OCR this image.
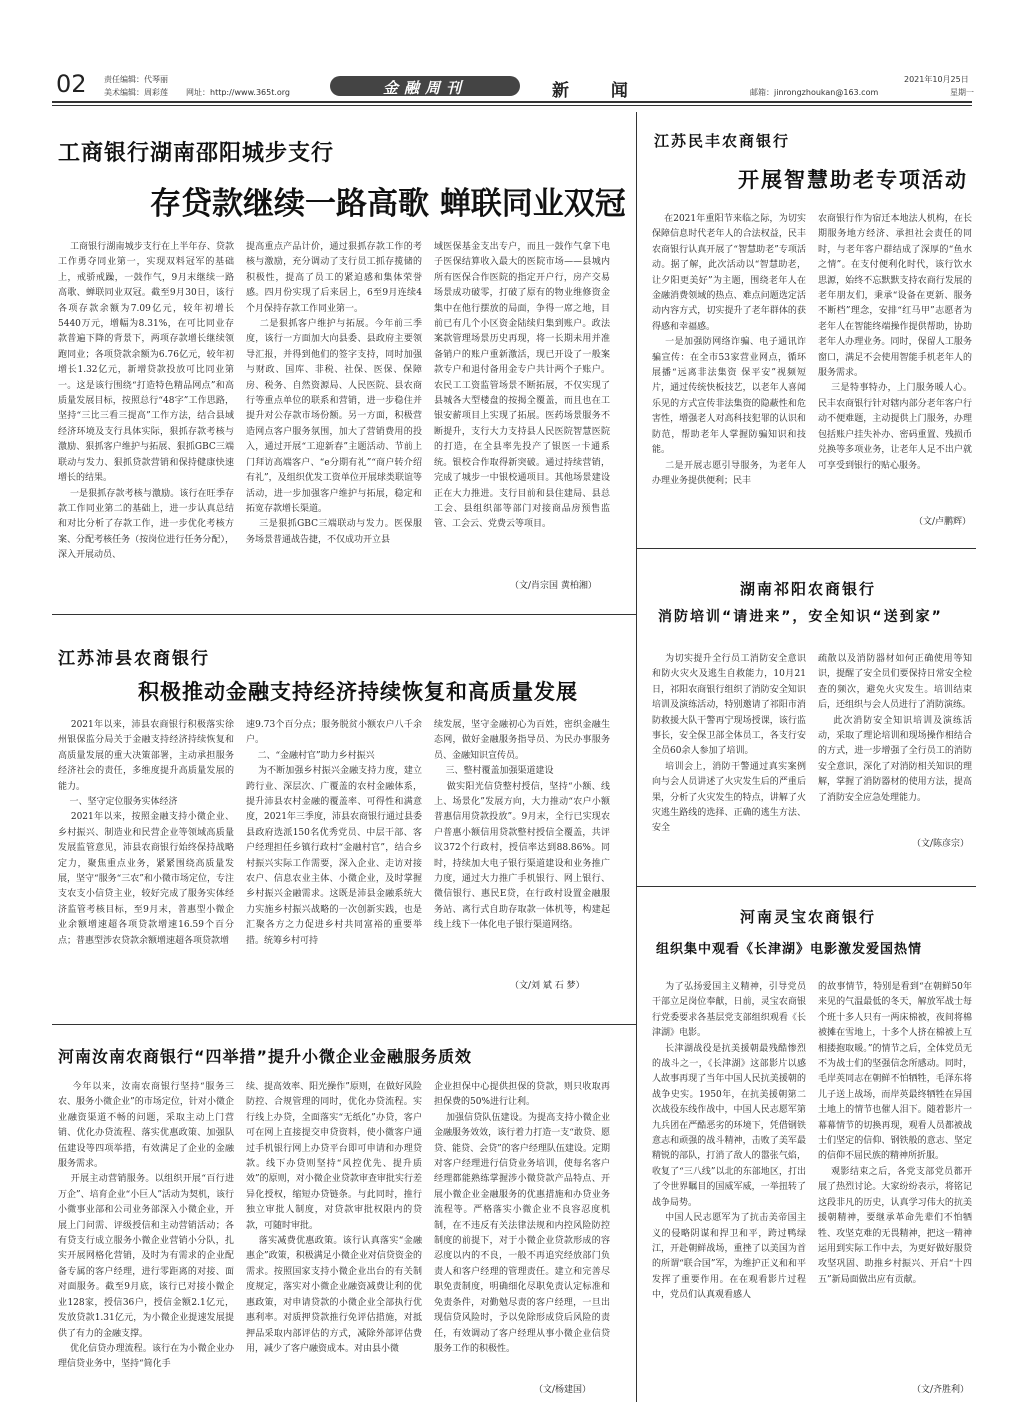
02 责任编辑：代琴丽
美术编辑：周彩莲 网址：http://www.365t.org	金融周刊	新  闻	邮箱：jinrongzhoukan@163.com
2021年10月25日
星期一
工商银行湖南邵阳城步支行
存贷款继续一路高歌 蝉联同业双冠
工商银行湖南城步支行在上半年存、贷款工作勇夺同业第一，实现双料冠军的基础上，戒骄戒躁，一鼓作气，9月末继续一路高歌、蝉联同业双冠。截至9月30日，该行各项存款余额为7.09亿元，较年初增长5440万元，增幅为8.31%，在可比同业存款普遍下降的背景下，两项存款增长继续领跑同业；各项贷款余额为6.76亿元，较年初增长1.32亿元，新增贷款投放可比同业第一。这是该行围绕“打造特色精品网点”和高质量发展目标，按照总行“48字”工作思路，坚持“三比三看三提高”工作方法，结合县域经济环境及支行具体实际，狠抓存款考核与激励、狠抓客户维护与拓展、狠抓GBC三端联动与发力、狠抓贷款营销和保持健康快速增长的结果。
一是狠抓存款考核与激励。该行在旺季存款工作同业第二的基础上，进一步认真总结和对比分析了存款工作，进一步优化考核方案、分配考核任务（按岗位进行任务分配），深入开展动员、
提高重点产品计价，通过狠抓存款工作的考核与激励，充分调动了支行员工抓存揽储的积极性，提高了员工的紧迫感和集体荣誉感。四月份实现了后来居上，6至9月连续4个月保持存款工作同业第一。
二是狠抓客户维护与拓展。今年前三季度，该行一方面加大向县委、县政府主要领导汇报，并得到他们的签字支持，同时加强与财政、国库、非税、社保、医保、保障房、税务、自然资源局、人民医院、县农商行等重点单位的联系和营销，进一步稳住并提升对公存款市场份额。另一方面，积极营造网点客户服务氛围，加大了营销费用的投入，通过开展“工迎新春”主题活动、节前上门拜访高端客户、“e分期有礼”“商户转介绍有礼”，及组织优发工资单位开展球类联谊等活动，进一步加强客户维护与拓展，稳定和拓宽存款增长渠道。
三是狠抓GBC三端联动与发力。医保服务场景普通战告捷，不仅成功开立县
域医保基金支出专户，而且一鼓作气拿下电子医保结算收入最大的医院市场——县城内所有医保合作医院的指定开户行，房产交易场景成功破零，打破了原有的物业维修资金集中在他行摆放的局面，争得一席之地，目前已有几个小区资金陆续归集到账户。政法案款管理场景历史再现，将一长期未用并准备销户的账户重新激活，现已开设了一般案款专户和退付备用金专户共计两个子账户。农民工工资监管场景不断拓展，不仅实现了县城各大型楼盘的按揭全覆盖，而且也在工银安薪项目上实现了拓展。医药场景服务不断提升，支行大力支持县人民医院智慧医院的打造，在全县率先投产了银医一卡通系统。银校合作取得新突破。通过持续营销，完成了城步一中银校通项目。其他场景建设正在大力推进。支行目前和县住建局、县总工会、县组织部等部门对接商品房预售监管、工会云、党费云等项目。
（文/肖宗国 黄柏湘）
江苏民丰农商银行
开展智慧助老专项活动
在2021年重阳节来临之际，为切实保障信息时代老年人的合法权益，民丰农商银行认真开展了“智慧助老”专项活动。据了解，此次活动以“智慧助老，让夕阳更美好”为主题，围绕老年人在金融消费领域的热点、难点问题选定活动内容方式，切实提升了老年群体的获得感和幸福感。
一是加强防网络诈骗、电子通讯诈骗宣传：在全市53家营业网点，循环展播“远离非法集资 保平安”视频短片，通过传统快板技艺，以老年人喜闻乐见的方式宣传非法集资的隐蔽性和危害性，增强老人对高科技犯罪的认识和防范，帮助老年人掌握防骗知识和技能。
二是开展志愿引导服务，为老年人办理业务提供便利；民丰
农商银行作为宿迁本地法人机构，在长期服务地方经济、承担社会责任的同时，与老年客户群结成了深厚的“鱼水之情”。在支付便利化时代，该行饮水思源，始终不忘默默支持农商行发展的老年朋友们，秉承“设备在更新、服务不断档”理念，安排“红马甲”志愿者为老年人在智能终端操作提供帮助，协助老年人办理业务。同时，保留人工服务窗口，满足不会使用智能手机老年人的服务需求。
三是特事特办，上门服务暖人心。民丰农商银行针对辖内部分老年客户行动不便难题，主动提供上门服务，办理包括账户挂失补办、密码重置、残损币兑换等多项业务，让老年人足不出户就可享受到银行的贴心服务。
（文/卢鹏辉）
江苏沛县农商银行
积极推动金融支持经济持续恢复和高质量发展
2021年以来，沛县农商银行积极落实徐州银保监分局关于金融支持经济持续恢复和高质量发展的重大决策部署，主动承担服务经济社会的责任，多维度提升高质量发展的能力。
一、坚守定位服务实体经济
2021年以来，按照金融支持小微企业、乡村振兴、制造业和民营企业等领域高质量发展监管意见，沛县农商银行始终保持战略定力，聚焦重点业务，紧紧围绕高质量发展，坚守“服务“三农”和小微市场定位，专注支农支小信贷主业，较好完成了服务实体经济监管考核目标，至9月末，普惠型小微企业余额增速超各项贷款增速16.59个百分点；普惠型涉农贷款余额增速超各项贷款增
速9.73个百分点；服务脱贫小额农户八千余户。
二、“金融村官”助力乡村振兴
为不断加强乡村振兴金融支持力度，建立跨行业、深层次、广覆盖的农村金融体系，提升沛县农村金融的覆盖率、可得性和满意度，2021年三季度，沛县农商银行通过县委县政府选派150名优秀党员、中层干部、客户经理担任乡镇行政村“金融村官”，结合乡村振兴实际工作需要，深入企业、走访对接农户、信息农业主体、小微企业，及时掌握乡村振兴金融需求。这既是沛县金融系统大力实施乡村振兴战略的一次创新实践，也是汇聚各方之力促进乡村共同富裕的重要举措。统筹乡村可持
续发展，坚守金融初心为百姓，密织金融生态网，做好金融服务指导员、为民办事服务员、金融知识宣传员。
三、整村覆盖加强渠道建设
做实阳光信贷整村授信，坚持“小额、线上、场景化”发展方向，大力推动“农户小额普惠信用贷款投放”。9月末，全行已实现农户普惠小额信用贷款整村授信全覆盖，共评议372个行政村，授信率达到88.86%。同时，持续加大电子银行渠道建设和业务推广力度，通过大力推广手机银行、网上银行、微信银行、惠民E贷，在行政村设置金融服务站、离行式自助存取款一体机等，构建起线上线下一体化电子银行渠道网络。
（文/刘 斌 石 梦）
湖南祁阳农商银行
消防培训“请进来”，安全知识“送到家”
为切实提升全行员工消防安全意识和防火灾火及逃生自救能力，10月21日，祁阳农商银行组织了消防安全知识培训及演练活动，特别邀请了祁阳市消防救援大队干警再宁现场授课，该行监事长，安全保卫部全体员工，各支行安全员60余人参加了培训。
培训会上，消防干警通过真实案例向与会人员讲述了火灾发生后的严重后果，分析了火灾发生的特点，讲解了火灾逃生路线的选择、正确的逃生方法、安全
疏散以及消防器材如何正确使用等知识，提醒了安全员们要保持日常安全检查的频次，避免火灾发生。培训结束后，还组织与会人员进行了消防演练。
此次消防安全知识培训及演练活动，采取了理论培训和现场操作相结合的方式，进一步增强了全行员工的消防安全意识，深化了对消防相关知识的理解，掌握了消防器材的使用方法，提高了消防安全应急处理能力。
（文/陈彦宗）
河南灵宝农商银行
组织集中观看《长津湖》电影激发爱国热情
为了弘扬爱国主义精神，引导党员干部立足岗位奉献，日前，灵宝农商银行党委要求各基层党支部组织观看《长津湖》电影。
长津湖战役是抗美援朝最残酷惨烈的战斗之一，《长津湖》这部影片以感人故事再现了当年中国人民抗美援朝的战争史实。1950年，在抗美援朝第二次战役东线作战中，中国人民志愿军第九兵团在严酷恶劣的环境下，凭借钢铁意志和顽强的战斗精神，击败了美军最精锐的部队，打消了敌人的嚣张气焰，收复了“三八线”以北的东部地区，打出了令世界瞩目的国威军威，一举扭转了战争局势。
中国人民志愿军为了抗击美帝国主义的侵略阴谋和捍卫和平，跨过鸭绿江，开赴朝鲜战场，重挫了以美国为首的所谓“联合国”军，为维护正义和和平发挥了重要作用。在在观看影片过程中，党员们认真观看感人
的故事情节，特别是看到“在朝鲜50年来见的气温最低的冬天，解放军战士每个班十多人只有一两床棉被，夜间将棉被摊在雪地上，十多个人挤在棉被上互相搂抱取暖。”的情节之后，全体党员无不为战士们的坚强信念所感动。同时，毛岸英同志在朝鲜不怕牺牲，毛泽东将儿子送上战场，而岸英最终牺牲在异国土地上的情节也催人泪下。随着影片一幕幕情节的切换再现，观看人员都被战士们坚定的信仰、钢铁般的意志、坚定的信仰不屈民族的精神所折服。
观影结束之后，各党支部党员都开展了热烈讨论。大家纷纷表示，将铭记这段非凡的历史，认真学习伟大的抗美援朝精神，要继承革命先辈们不怕牺牲、攻坚克难的无畏精神，把这一精神运用到实际工作中去，为更好做好服贷攻坚巩固、助推乡村振兴、开启“十四五”新局面做出应有贡献。
（文/齐胜利）
河南汝南农商银行“四举措”提升小微企业金融服务质效
今年以来，汝南农商银行坚持“服务三农、服务小微企业”的市场定位，针对小微企业融资渠道不畅的问题，采取主动上门营销、优化办贷流程、落实优惠政策、加强队伍建设等四项举措，有效满足了企业的金融服务需求。
开展主动营销服务。以组织开展“百行进万企”、培育企业“小巨人”活动为契机，该行小微事业部和公司业务部深入小微企业，开展上门问需、评级授信和主动营销活动；各有贷支行成立服务小微企业营销小分队，扎实开展网格化营销，及时为有需求的企业配备专属的客户经理，进行零距离的对接、面对面服务。截至9月底，该行已对接小微企业128家，授信36户，授信金额2.1亿元，发放贷款1.31亿元，为小微企业提速发展提供了有力的金融支撑。
优化信贷办理流程。该行在为小微企业办理信贷业务中，坚持“简化手
续、提高效率、阳光操作”原则，在做好风险防控、合规管理的同时，优化办贷流程。实行线上办贷，全面落实“无纸化”办贷，客户可在网上直接提交申贷资料，使小微客户通过手机银行网上办贷平台即可申请和办理贷款。线下办贷则坚持“风控优先、提升质效”的原则，对小微企业贷款审查审批实行差异化授权，缩短办贷链条。与此同时，推行独立审批人制度，对贷款审批权限内的贷款，可随时审批。
落实减费优惠政策。该行认真落实“金融惠企”政策，积极满足小微企业对信贷资金的需求。按照国家支持小微企业出台的有关制度规定，落实对小微企业融资减费让利的优惠政策，对申请贷款的小微企业全部执行优惠利率。对质押贷款推行免评估措施，对抵押品采取内部评估的方式，减除外部评估费用，减少了客户融资成本。对由县小微
企业担保中心提供担保的贷款，则只收取再担保费的50%进行让利。
加强信贷队伍建设。为提高支持小微企业金融服务效效，该行着力打造一支“敢贷、愿贷、能贷、会贷”的客户经理队伍建设。定期对客户经理进行信贷业务培训，使每名客户经理都能熟练掌握涉小微贷款产品特点、开展小微企业金融服务的优惠措施和办贷业务流程等。严格落实小微企业不良容忍度机制，在不违反有关法律法规和内控风险防控制度的前提下，对于小微企业贷款形成的容忍度以内的不良，一般不再追究经放部门负责人和客户经理的管理责任。建立和完善尽职免责制度，明确细化尽职免责认定标准和免责条件，对勤勉尽责的客户经理，一旦出现信贷风险时，予以免除形成贷后风险的责任，有效调动了客户经理从事小微企业信贷服务工作的积极性。
（文/杨建国）
